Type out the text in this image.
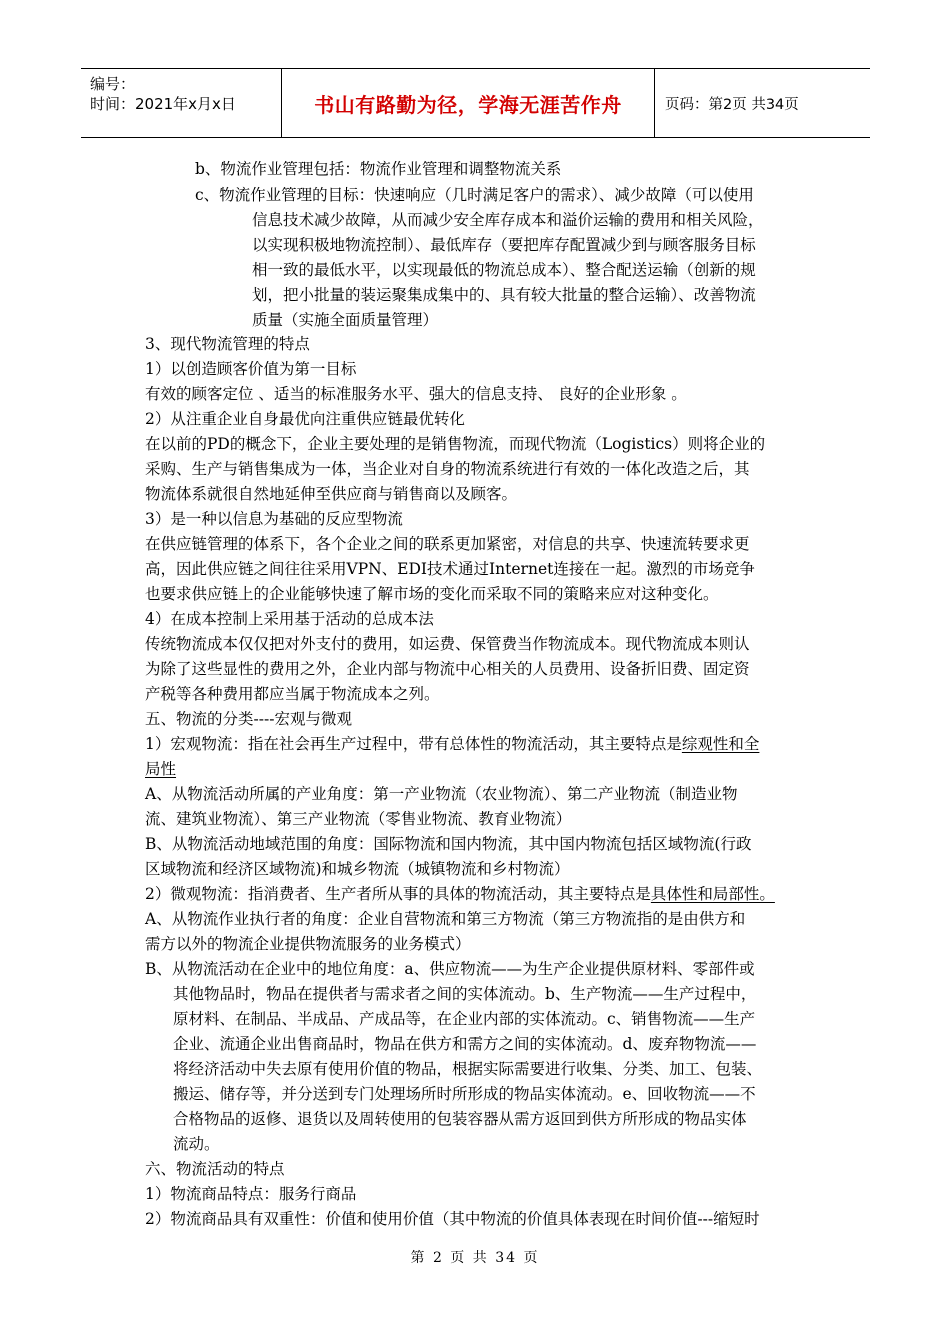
编号：
时间：2021年x月x日	书山有路勤为径，学海无涯苦作舟	页码：第2页 共34页
b、物流作业管理包括：物流作业管理和调整物流关系
c、物流作业管理的目标：快速响应（几时满足客户的需求）、减少故障（可以使用
信息技术减少故障，从而减少安全库存成本和溢价运输的费用和相关风险，
以实现积极地物流控制）、最低库存（要把库存配置减少到与顾客服务目标
相一致的最低水平，以实现最低的物流总成本）、整合配送运输（创新的规
划，把小批量的装运聚集成集中的、具有较大批量的整合运输）、改善物流
质量（实施全面质量管理）
3、现代物流管理的特点
1）以创造顾客价值为第一目标
有效的顾客定位 、适当的标准服务水平、强大的信息支持、 良好的企业形象 。
2）从注重企业自身最优向注重供应链最优转化
在以前的PD的概念下，企业主要处理的是销售物流，而现代物流（Logistics）则将企业的
采购、生产与销售集成为一体，当企业对自身的物流系统进行有效的一体化改造之后，其
物流体系就很自然地延伸至供应商与销售商以及顾客。
3）是一种以信息为基础的反应型物流
在供应链管理的体系下，各个企业之间的联系更加紧密，对信息的共享、快速流转要求更
高，因此供应链之间往往采用VPN、EDI技术通过Internet连接在一起。激烈的市场竞争
也要求供应链上的企业能够快速了解市场的变化而采取不同的策略来应对这种变化。
4）在成本控制上采用基于活动的总成本法
传统物流成本仅仅把对外支付的费用，如运费、保管费当作物流成本。现代物流成本则认
为除了这些显性的费用之外，企业内部与物流中心相关的人员费用、设备折旧费、固定资
产税等各种费用都应当属于物流成本之列。
五、物流的分类----宏观与微观
1）宏观物流：指在社会再生产过程中，带有总体性的物流活动，其主要特点是综观性和全
局性
A、从物流活动所属的产业角度：第一产业物流（农业物流）、第二产业物流（制造业物
流、建筑业物流）、第三产业物流（零售业物流、教育业物流）
B、从物流活动地域范围的角度：国际物流和国内物流，其中国内物流包括区域物流(行政
区域物流和经济区域物流)和城乡物流（城镇物流和乡村物流）
2）微观物流：指消费者、生产者所从事的具体的物流活动，其主要特点是具体性和局部性。
A、从物流作业执行者的角度：企业自营物流和第三方物流（第三方物流指的是由供方和
需方以外的物流企业提供物流服务的业务模式）
B、从物流活动在企业中的地位角度：a、供应物流——为生产企业提供原材料、零部件或
其他物品时，物品在提供者与需求者之间的实体流动。b、生产物流——生产过程中，
原材料、在制品、半成品、产成品等，在企业内部的实体流动。c、销售物流——生产
企业、流通企业出售商品时，物品在供方和需方之间的实体流动。d、废弃物物流——
将经济活动中失去原有使用价值的物品，根据实际需要进行收集、分类、加工、包装、
搬运、储存等，并分送到专门处理场所时所形成的物品实体流动。e、回收物流——不
合格物品的返修、退货以及周转使用的包装容器从需方返回到供方所形成的物品实体
流动。
六、物流活动的特点
1）物流商品特点：服务行商品
2）物流商品具有双重性：价值和使用价值（其中物流的价值具体表现在时间价值---缩短时
第 2 页 共 34 页
